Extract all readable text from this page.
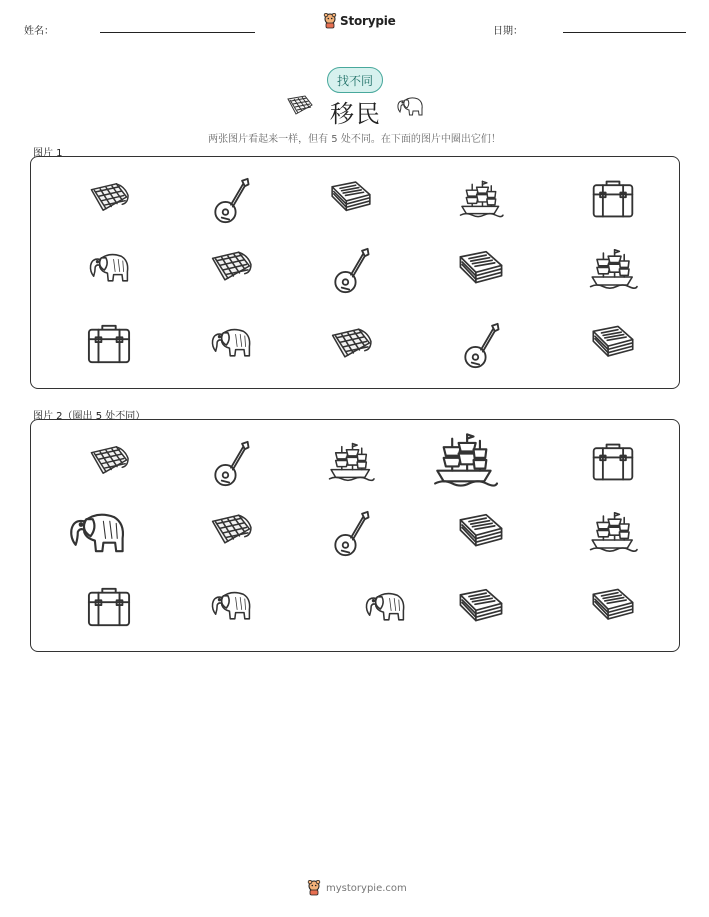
姓名：
Storypie
日期：
找不同
移民
两张图片看起来一样，但有 5 处不同。在下面的图片中圈出它们！
图片 1
图片 2（圈出 5 处不同）
mystorypie.com
